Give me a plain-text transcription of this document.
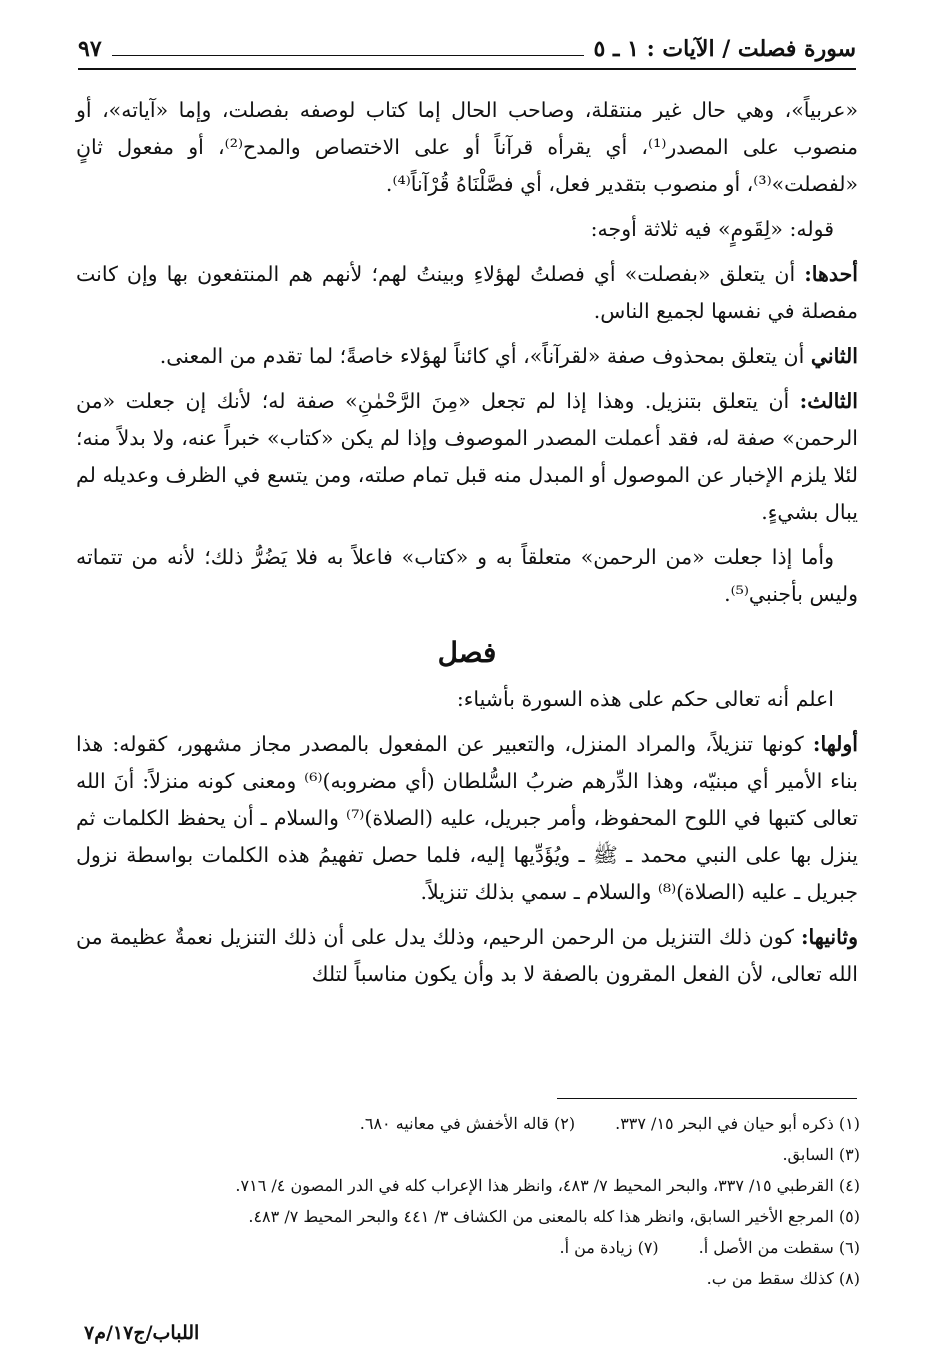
٩٧	سورة فصلت / الآيات : ١ ـ ٥

«عربياً»، وهي حال غير منتقلة، وصاحب الحال إما كتاب لوصفه بفصلت، وإما «آياته»، أو منصوب على المصدر⁽¹⁾، أي يقرأه قرآناً أو على الاختصاص والمدح⁽²⁾، أو مفعول ثانٍ «لفصلت»⁽³⁾، أو منصوب بتقدير فعل، أي فصَّلْنَاهُ قُرْآناً⁽⁴⁾.

قوله: «لِقَومٍ» فيه ثلاثة أوجه:

أحدها: أن يتعلق «بفصلت» أي فصلتُ لهؤلاءِ وبينتُ لهم؛ لأنهم هم المنتفعون بها وإن كانت مفصلة في نفسها لجميع الناس.

الثاني أن يتعلق بمحذوف صفة «لقرآناً»، أي كائناً لهؤلاء خاصةً؛ لما تقدم من المعنى.

الثالث: أن يتعلق بتنزيل. وهذا إذا لم تجعل «مِنَ الرَّحْمٰنِ» صفة له؛ لأنك إن جعلت «من الرحمن» صفة له، فقد أعملت المصدر الموصوف وإذا لم يكن «كتاب» خبراً عنه، ولا بدلاً منه؛ لئلا يلزم الإخبار عن الموصول أو المبدل منه قبل تمام صلته، ومن يتسع في الظرف وعديله لم يبال بشيءٍ.

وأما إذا جعلت «من الرحمن» متعلقاً به و «كتاب» فاعلاً به فلا يَضُرُّ ذلك؛ لأنه من تتماته وليس بأجنبي⁽⁵⁾.

فصل

اعلم أنه تعالى حكم على هذه السورة بأشياء:

أولها: كونها تنزيلاً، والمراد المنزل، والتعبير عن المفعول بالمصدر مجاز مشهور، كقوله: هذا بناء الأمير أي مبنيّه، وهذا الدِّرهم ضربُ السُّلطان (أي مضروبه)⁽⁶⁾ ومعنى كونه منزلاً: أنَ الله تعالى كتبها في اللوح المحفوظ، وأمر جبريل، عليه (الصلاة)⁽⁷⁾ والسلام ـ أن يحفظ الكلمات ثم ينزل بها على النبي محمد ـ ﷺ ـ ويُؤَدِّيها إليه، فلما حصل تفهيمُ هذه الكلمات بواسطة نزول جبريل ـ عليه (الصلاة)⁽⁸⁾ والسلام ـ سمي بذلك تنزيلاً.

وثانيها: كون ذلك التنزيل من الرحمن الرحيم، وذلك يدل على أن ذلك التنزيل نعمةٌ عظيمة من الله تعالى، لأن الفعل المقرون بالصفة لا بد وأن يكون مناسباً لتلك

(١) ذكره أبو حيان في البحر ١٥/ ٣٣٧.
(٢) قاله الأخفش في معانيه ٦٨٠.
(٣) السابق.
(٤) القرطبي ١٥/ ٣٣٧، والبحر المحيط ٧/ ٤٨٣، وانظر هذا الإعراب كله في الدر المصون ٤/ ٧١٦.
(٥) المرجع الأخير السابق، وانظر هذا كله بالمعنى من الكشاف ٣/ ٤٤١ والبحر المحيط ٧/ ٤٨٣.
(٦) سقطت من الأصل أ.
(٧) زيادة من أ.
(٨) كذلك سقط من ب.
اللباب/ج١٧/م٧
